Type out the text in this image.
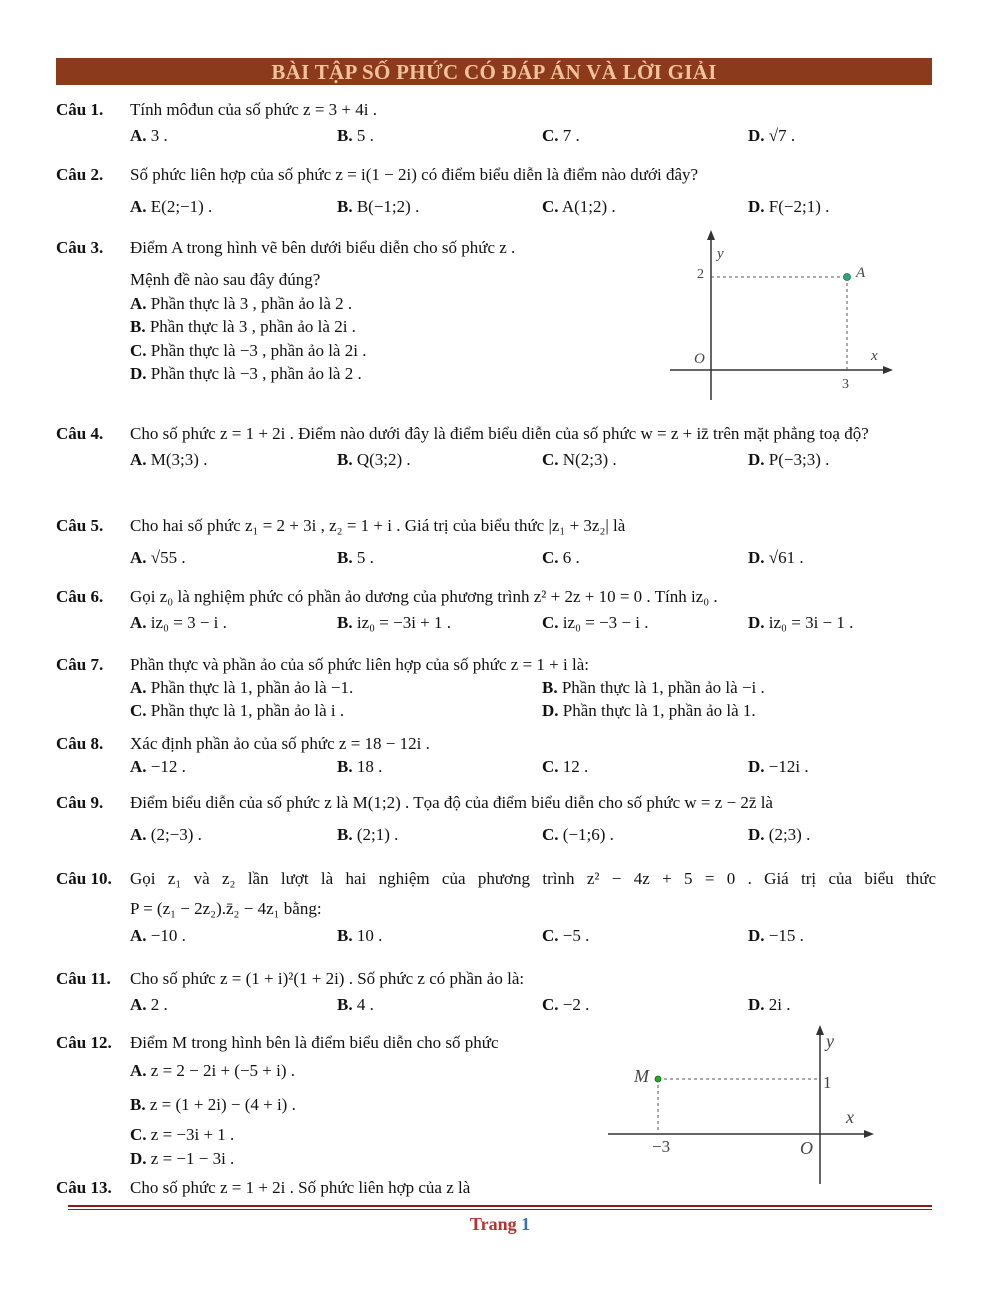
BÀI TẬP SỐ PHỨC CÓ ĐÁP ÁN VÀ LỜI GIẢI
Câu 1. Tính môđun của số phức z = 3 + 4i .
A. 3 .	B. 5 .	C. 7 .	D. √7 .
Câu 2. Số phức liên hợp của số phức z = i(1 − 2i) có điểm biểu diễn là điểm nào dưới đây?
A. E(2;−1) .	B. B(−1;2) .	C. A(1;2) .	D. F(−2;1) .
Câu 3. Điểm A trong hình vẽ bên dưới biểu diễn cho số phức z .
Mệnh đề nào sau đây đúng?
A. Phần thực là 3 , phần ảo là 2 .
B. Phần thực là 3 , phần ảo là 2i .
C. Phần thực là −3 , phần ảo là 2i .
D. Phần thực là −3 , phần ảo là 2 .
y
2	A
O	x
3
Câu 4. Cho số phức z = 1 + 2i . Điểm nào dưới đây là điểm biểu diễn của số phức w = z + iz̄ trên mặt phẳng toạ độ?
A. M(3;3) .	B. Q(3;2) .	C. N(2;3) .	D. P(−3;3) .
Câu 5. Cho hai số phức z₁ = 2 + 3i , z₂ = 1 + i . Giá trị của biểu thức |z₁ + 3z₂| là
A. √55 .	B. 5 .	C. 6 .	D. √61 .
Câu 6. Gọi z₀ là nghiệm phức có phần ảo dương của phương trình z² + 2z + 10 = 0 . Tính iz₀ .
A. iz₀ = 3 − i .	B. iz₀ = −3i + 1 .	C. iz₀ = −3 − i .	D. iz₀ = 3i − 1 .
Câu 7. Phần thực và phần ảo của số phức liên hợp của số phức z = 1 + i là:
A. Phần thực là 1, phần ảo là −1.	B. Phần thực là 1, phần ảo là −i .
C. Phần thực là 1, phần ảo là i .	D. Phần thực là 1, phần ảo là 1.
Câu 8. Xác định phần ảo của số phức z = 18 − 12i .
A. −12 .	B. 18 .	C. 12 .	D. −12i .
Câu 9. Điểm biểu diễn của số phức z là M(1;2) . Tọa độ của điểm biểu diễn cho số phức w = z − 2z̄ là
A. (2;−3) .	B. (2;1) .	C. (−1;6) .	D. (2;3) .
Câu 10. Gọi z₁ và z₂ lần lượt là hai nghiệm của phương trình z² − 4z + 5 = 0 . Giá trị của biểu thức
P = (z₁ − 2z₂).z̄₂ − 4z₁ bằng:
A. −10 .	B. 10 .	C. −5 .	D. −15 .
Câu 11. Cho số phức z = (1 + i)²(1 + 2i) . Số phức z có phần ảo là:
A. 2 .	B. 4 .	C. −2 .	D. 2i .
Câu 12. Điểm M trong hình bên là điểm biểu diễn cho số phức
A. z = 2 − 2i + (−5 + i) .
B. z = (1 + 2i) − (4 + i) .
C. z = −3i + 1 .
D. z = −1 − 3i .
y
1
M
x
−3	O
Câu 13. Cho số phức z = 1 + 2i . Số phức liên hợp của z là
Trang 1
